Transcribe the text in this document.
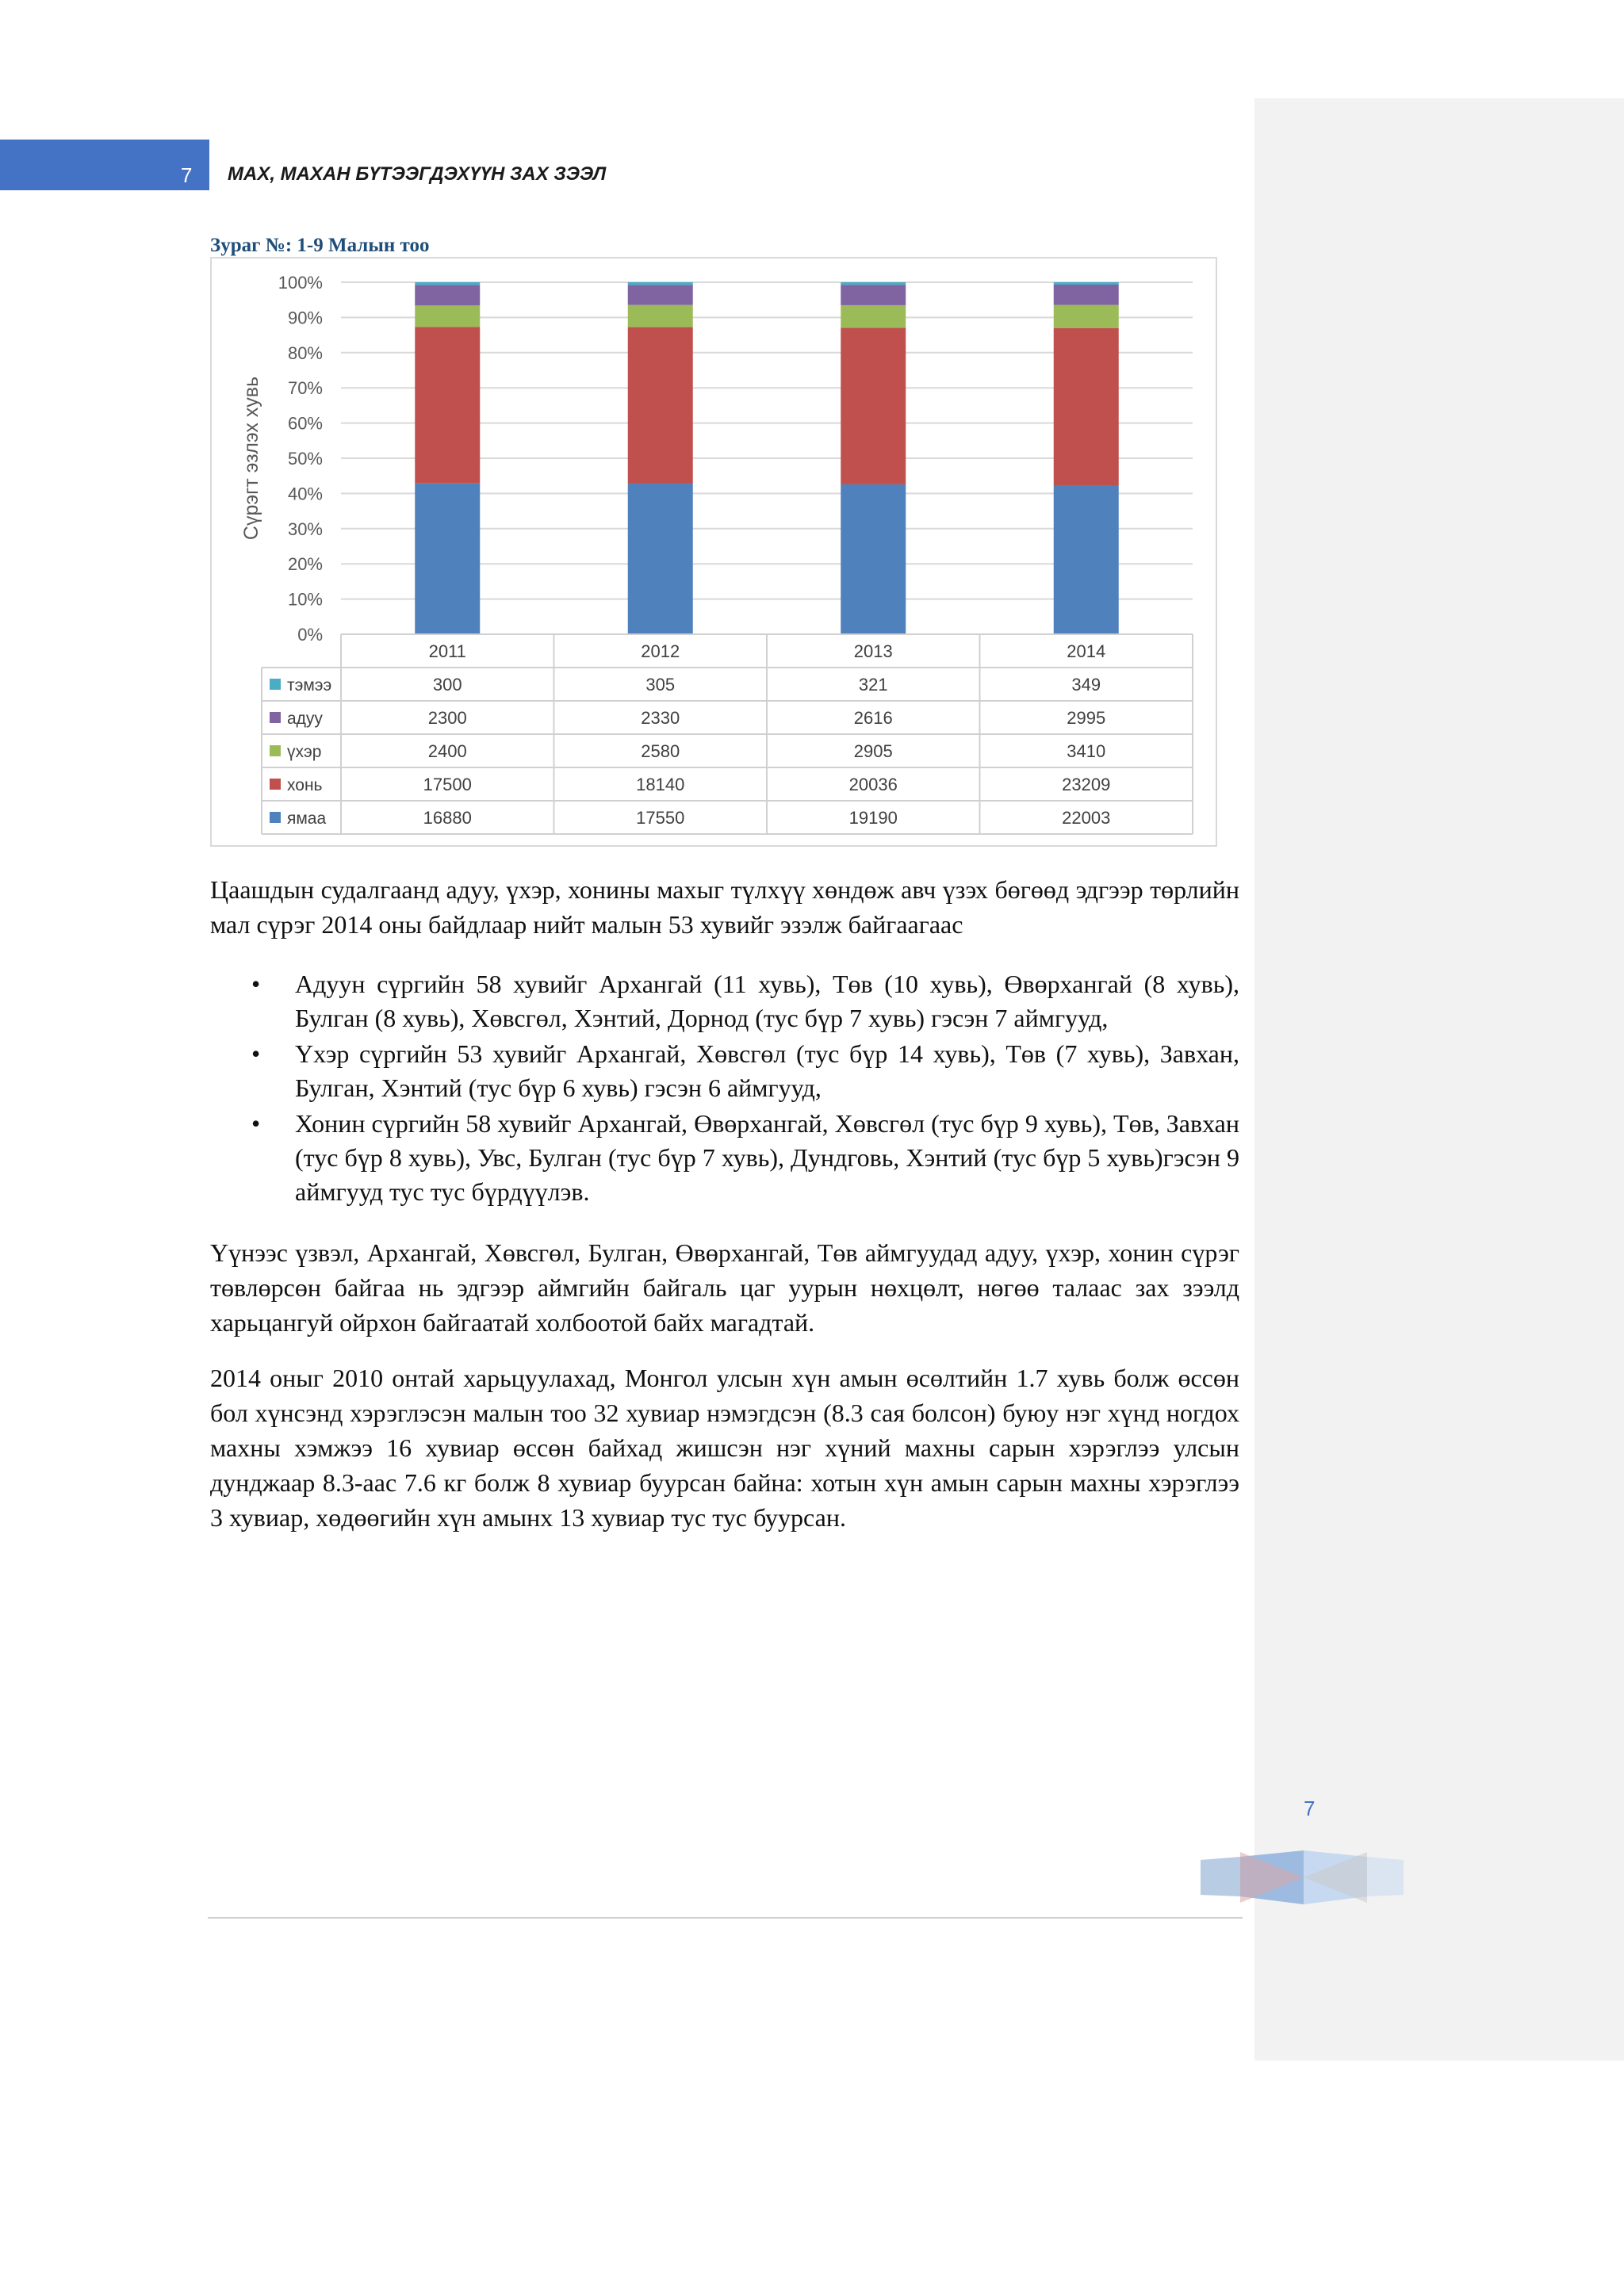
7 МАХ, МАХАН БҮТЭЭГДЭХҮҮН ЗАХ ЗЭЭЛ
Зураг №: 1-9 Малын тоо
0%
10%
20%
30%
40%
50%
60%
70%
80%
90%
100%
Сүрэгт эзлэх хувь
2011	2012	2013	2014
тэмээ	300	305	321	349
адуу	2300	2330	2616	2995
үхэр	2400	2580	2905	3410
хонь	17500	18140	20036	23209
ямаа	16880	17550	19190	22003

Цаашдын судалгаанд адуу, үхэр, хонины махыг түлхүү хөндөж авч үзэх бөгөөд эдгээр төрлийн мал сүрэг 2014 оны байдлаар нийт малын 53 хувийг эзэлж байгаагаас

• Адуун сүргийн 58 хувийг Архангай (11 хувь), Төв (10 хувь), Өвөрхангай (8 хувь), Булган (8 хувь), Хөвсгөл, Хэнтий, Дорнод (тус бүр 7 хувь) гэсэн 7 аймгууд,
• Үхэр сүргийн 53 хувийг Архангай, Хөвсгөл (тус бүр 14 хувь), Төв (7 хувь), Завхан, Булган, Хэнтий (тус бүр 6 хувь) гэсэн 6 аймгууд,
• Хонин сүргийн 58 хувийг Архангай, Өвөрхангай, Хөвсгөл (тус бүр 9 хувь), Төв, Завхан (тус бүр 8 хувь), Увс, Булган (тус бүр 7 хувь), Дундговь, Хэнтий (тус бүр 5 хувь)гэсэн 9 аймгууд тус тус бүрдүүлэв.

Үүнээс үзвэл, Архангай, Хөвсгөл, Булган, Өвөрхангай, Төв аймгуудад адуу, үхэр, хонин сүрэг төвлөрсөн байгаа нь эдгээр аймгийн байгаль цаг уурын нөхцөлт, нөгөө талаас зах зээлд харьцангуй ойрхон байгаатай холбоотой байх магадтай.

2014 оныг 2010 онтай харьцуулахад, Монгол улсын хүн амын өсөлтийн 1.7 хувь болж өссөн бол хүнсэнд хэрэглэсэн малын тоо 32 хувиар нэмэгдсэн (8.3 сая болсон) буюу нэг хүнд ногдох махны хэмжээ 16 хувиар өссөн байхад жишсэн нэг хүний махны сарын хэрэглээ улсын дунджаар 8.3-аас 7.6 кг болж 8 хувиар буурсан байна: хотын хүн амын сарын махны хэрэглээ 3 хувиар, хөдөөгийн хүн амынх 13 хувиар тус тус буурсан.

7
